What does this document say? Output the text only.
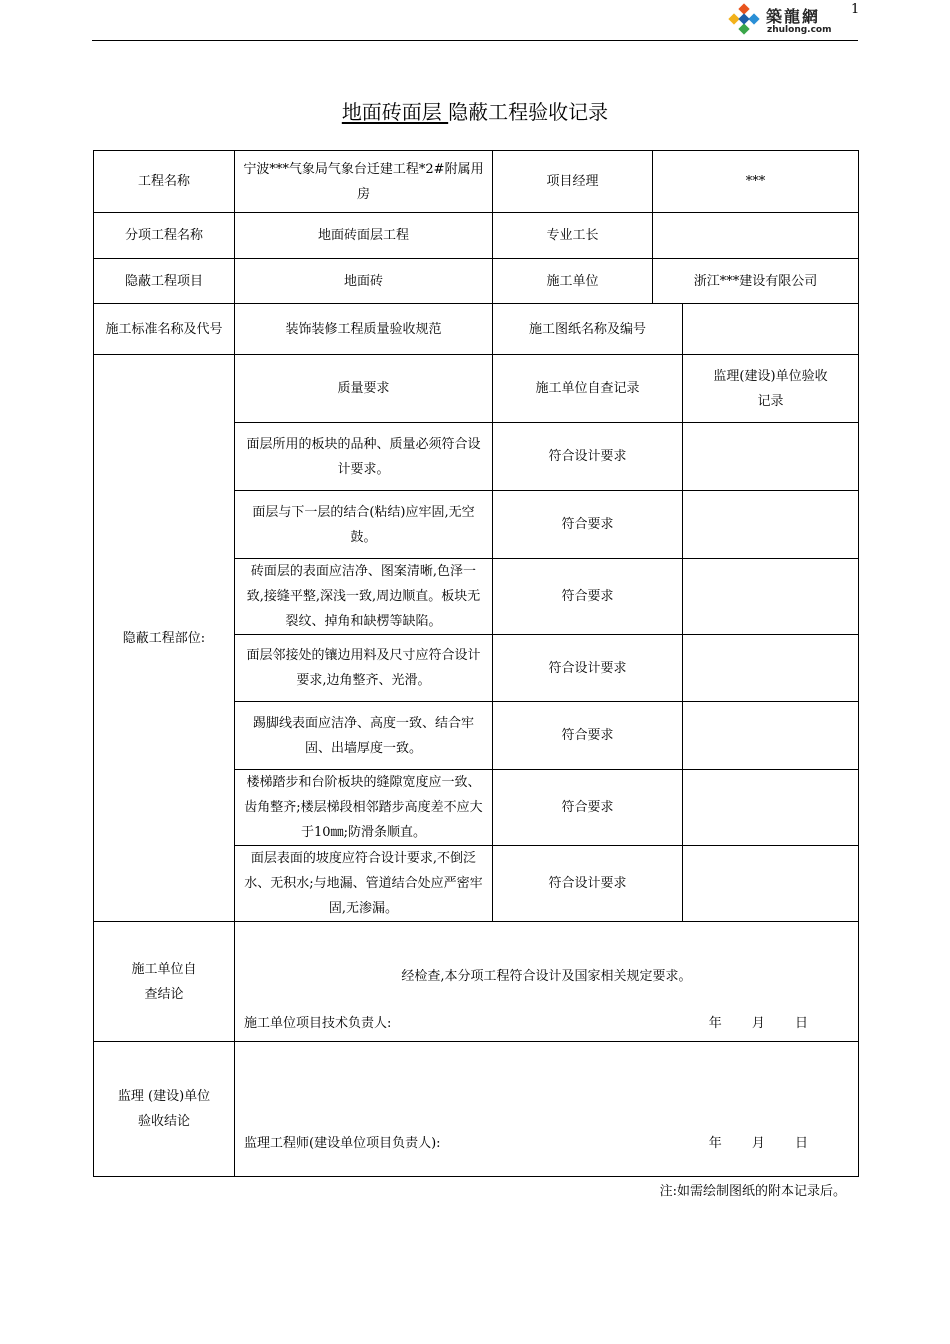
築龍網
zhulong.com
1
地面砖面层 隐蔽工程验收记录
工程名称	宁波***气象局气象台迁建工程*2#附属用房	项目经理	***	
分项工程名称	地面砖面层工程	专业工长		
隐蔽工程项目	地面砖	施工单位	浙江***建设有限公司	
施工标准名称及代号	装饰装修工程质量验收规范	施工图纸名称及编号		
隐蔽工程部位:	质量要求	施工单位自查记录		监理(建设)单位验收记录
	面层所用的板块的品种、质量必须符合设计要求。	符合设计要求		
	面层与下一层的结合(粘结)应牢固,无空鼓。	符合要求		
	砖面层的表面应洁净、图案清晰,色泽一致,接缝平整,深浅一致,周边顺直。板块无裂纹、掉角和缺楞等缺陷。	符合要求		
	面层邻接处的镶边用料及尺寸应符合设计要求,边角整齐、光滑。	符合设计要求		
	踢脚线表面应洁净、高度一致、结合牢固、出墙厚度一致。	符合要求		
	楼梯踏步和台阶板块的缝隙宽度应一致、齿角整齐;楼层梯段相邻踏步高度差不应大于10㎜;防滑条顺直。	符合要求		
	面层表面的坡度应符合设计要求,不倒泛水、无积水;与地漏、管道结合处应严密牢固,无渗漏。	符合设计要求		
施工单位自查结论	经检查,本分项工程符合设计及国家相关规定要求。
施工单位项目技术负责人: 年 月 日			

监理 (建设)单位验收结论	监理工程师(建设单位项目负责人): 年 月 日			
注:如需绘制图纸的附本记录后。
